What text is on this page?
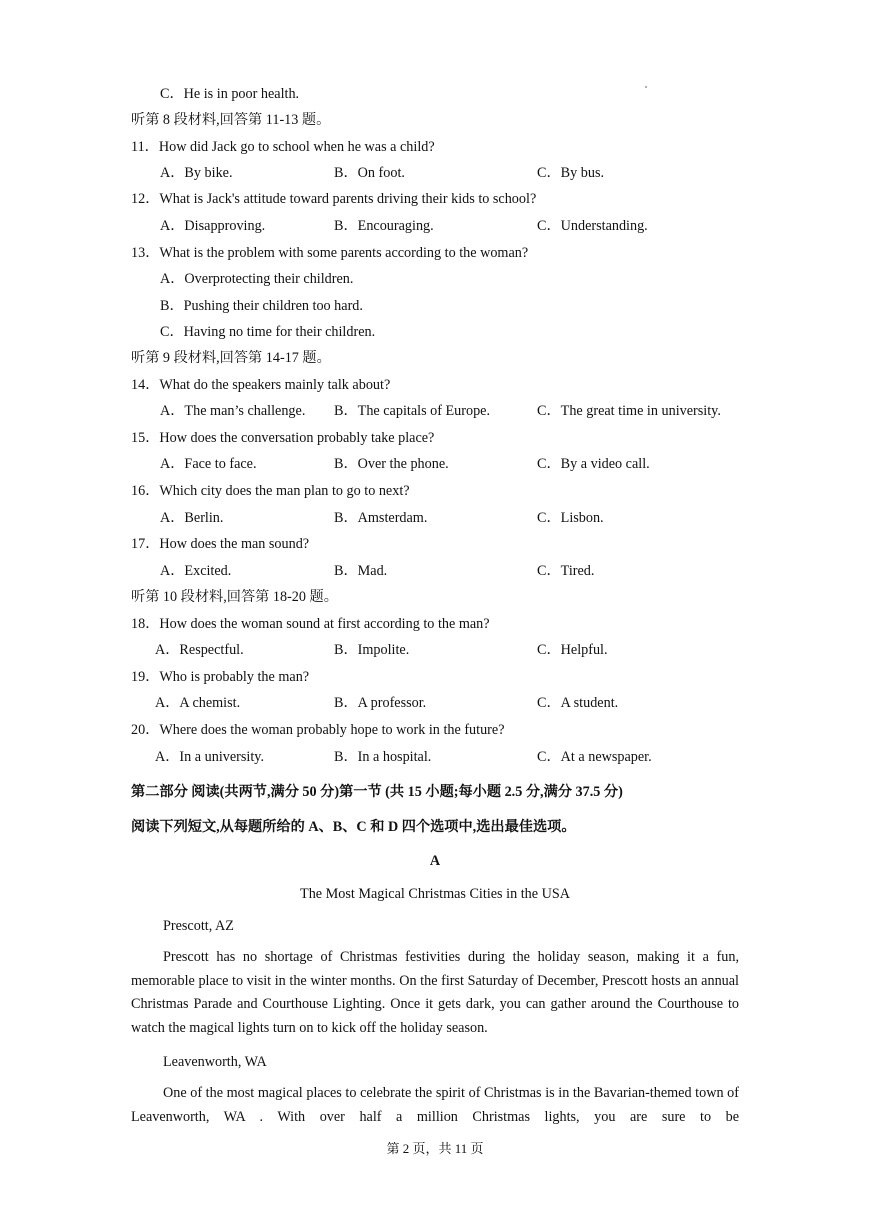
C．He is in poor health.
听第 8 段材料,回答第 11-13 题。
11．How did Jack go to school when he was a child?
A．By bike.	B．On foot.	C．By bus.
12．What is Jack's attitude toward parents driving their kids to school?
A．Disapproving.	B．Encouraging.	C．Understanding.
13．What is the problem with some parents according to the woman?
A．Overprotecting their children.
B．Pushing their children too hard.
C．Having no time for their children.
听第 9 段材料,回答第 14-17 题。
14．What do the speakers mainly talk about?
A．The man’s challenge. B．The capitals of Europe.	C．The great time in university.
15．How does the conversation probably take place?
A．Face to face.	B．Over the phone.	C．By a video call.
16．Which city does the man plan to go to next?
A．Berlin.	B．Amsterdam.	C．Lisbon.
17．How does the man sound?
A．Excited.	B．Mad.	C．Tired.
听第 10 段材料,回答第 18-20 题。
18．How does the woman sound at first according to the man?
A．Respectful.	B．Impolite.	C．Helpful.
19．Who is probably the man?
A．A chemist.	B．A professor.	C．A student.
20．Where does the woman probably hope to work in the future?
A．In a university.	B．In a hospital.	C．At a newspaper.
第二部分 阅读(共两节,满分 50 分)第一节 (共 15 小题;每小题 2.5 分,满分 37.5 分)
阅读下列短文,从每题所给的 A、B、C 和 D 四个选项中,选出最佳选项。
A
The Most Magical Christmas Cities in the USA
Prescott, AZ

Prescott has no shortage of Christmas festivities during the holiday season, making it a fun, memorable place to visit in the winter months. On the first Saturday of December, Prescott hosts an annual Christmas Parade and Courthouse Lighting. Once it gets dark, you can gather around the Courthouse to watch the magical lights turn on to kick off the holiday season.

Leavenworth, WA

One of the most magical places to celebrate the spirit of Christmas is in the Bavarian-themed town of Leavenworth, WA . With over half a million Christmas lights, you are sure to be

第 2 页，共 11 页
